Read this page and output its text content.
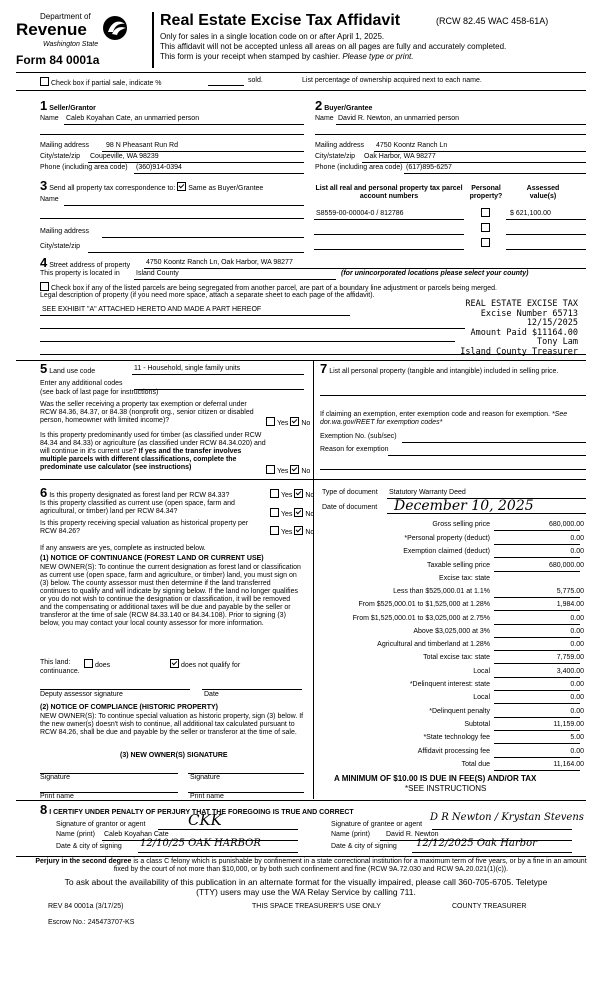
Department of
Revenue
Washington State
Form 84 0001a
Real Estate Excise Tax Affidavit	(RCW 82.45 WAC 458-61A)
Only for sales in a single location code on or after April 1, 2025.
This affidavit will not be accepted unless all areas on all pages are fully and accurately completed.
This form is your receipt when stamped by cashier. Please type or print.
Check box if partial sale, indicate %	sold.	List percentage of ownership acquired next to each name.
1 Seller/Grantor
Name Caleb Koyahan Cate, an unmarried person
Mailing address 98 N Pheasant Run Rd
City/state/zip Coupeville, WA 98239
Phone (including area code) (360)914-0394
2 Buyer/Grantee
Name David R. Newton, an unmarried person
Mailing address 4750 Koontz Ranch Ln
City/state/zip Oak Harbor, WA 98277
Phone (including area code) (617)895-6257
3 Send all property tax correspondence to: Same as Buyer/Grantee
Name
Mailing address
City/state/zip
List all real and personal property tax parcel account numbers
Personal property?
Assessed value(s)
S8559-00-00004-0 / 812786	$ 621,100.00
4 Street address of property 4750 Koontz Ranch Ln, Oak Harbor, WA 98277
This property is located in Island County	(for unincorporated locations please select your county)
Check box if any of the listed parcels are being segregated from another parcel, are part of a boundary line adjustment or parcels being merged.
Legal description of property (if you need more space, attach a separate sheet to each page of the affidavit).
SEE EXHIBIT "A" ATTACHED HERETO AND MADE A PART HEREOF
REAL ESTATE EXCISE TAX
Excise Number 65713
12/15/2025
Amount Paid $11164.00
Tony Lam
Island County Treasurer
5 Land use code	11 - Household, single family units
Enter any additional codes
(see back of last page for instructions)
Was the seller receiving a property tax exemption or deferral under RCW 84.36, 84.37, or 84.38 (nonprofit org., senior citizen or disabled person, homeowner with limited income)?	Yes No
Is this property predominantly used for timber (as classified under RCW 84.34 and 84.33) or agriculture (as classified under RCW 84.34.020) and will continue in it's current use? If yes and the transfer involves multiple parcels with different classifications, complete the predominate use calculator (see instructions)
Yes No
7 List all personal property (tangible and intangible) included in selling price.
If claiming an exemption, enter exemption code and reason for exemption. *See dor.wa.gov/REET for exemption codes*
Exemption No. (sub/sec)
Reason for exemption
6 Is this property designated as forest land per RCW 84.33?	Yes No
Is this property classified as current use (open space, farm and agricultural, or timber) land per RCW 84.34?	Yes No
Is this property receiving special valuation as historical property per RCW 84.26?	Yes No
If any answers are yes, complete as instructed below.
(1) NOTICE OF CONTINUANCE (FOREST LAND OR CURRENT USE)
NEW OWNER(S): To continue the current designation as forest land or classification as current use (open space, farm and agriculture, or timber) land, you must sign on (3) below. The county assessor must then determine if the land transferred continues to qualify and will indicate by signing below. If the land no longer qualifies or you do not wish to continue the designation or classification, it will be removed and the compensating or additional taxes will be due and payable by the seller or transferor at the time of sale (RCW 84.33.140 or 84.34.108). Prior to signing (3) below, you may contact your local county assessor for more information.
This land:	does	does not qualify for
continuance.
Deputy assessor signature	Date
(2) NOTICE OF COMPLIANCE (HISTORIC PROPERTY)
NEW OWNER(S): To continue special valuation as historic property, sign (3) below. If the new owner(s) doesn't wish to continue, all additional tax calculated pursuant to RCW 84.26, shall be due and payable by the seller or transferor at the time of sale.
(3) NEW OWNER(S) SIGNATURE
Signature	Signature
Print name	Print name
Type of document Statutory Warranty Deed
Date of document December 10, 2025
Gross selling price	680,000.00
*Personal property (deduct)	0.00
Exemption claimed (deduct)	0.00
Taxable selling price	680,000.00
Excise tax: state
Less than $525,000.01 at 1.1%	5,775.00
From $525,000.01 to $1,525,000 at 1.28%	1,984.00
From $1,525,000.01 to $3,025,000 at 2.75%	0.00
Above $3,025,000 at 3%	0.00
Agricultural and timberland at 1.28%	0.00
Total excise tax: state	7,759.00
Local	3,400.00
*Delinquent interest: state	0.00
Local	0.00
*Delinquent penalty	0.00
Subtotal	11,159.00
*State technology fee	5.00
Affidavit processing fee	0.00
Total due	11,164.00
A MINIMUM OF $10.00 IS DUE IN FEE(S) AND/OR TAX
*SEE INSTRUCTIONS
8 I CERTIFY UNDER PENALTY OF PERJURY THAT THE FOREGOING IS TRUE AND CORRECT
Signature of grantor or agent	CKK
Name (print) Caleb Koyahan Cate
Date & city of signing 12/10/25 OAK HARBOR
Signature of grantee or agent
D R Newton / Krystan Stevens
Name (print) David R. Newton
Date & city of signing 12/12/2025 Oak Harbor
Perjury in the second degree is a class C felony which is punishable by confinement in a state correctional institution for a maximum term of five years, or by a fine in an amount fixed by the court of not more than $10,000, or by both such confinement and fine (RCW 9A.72.030 and RCW 9A.20.021(1)(c)).
To ask about the availability of this publication in an alternate format for the visually impaired, please call 360-705-6705. Teletype (TTY) users may use the WA Relay Service by calling 711.
REV 84 0001a (3/17/25)	THIS SPACE TREASURER'S USE ONLY	COUNTY TREASURER
Escrow No.: 245473707-KS
